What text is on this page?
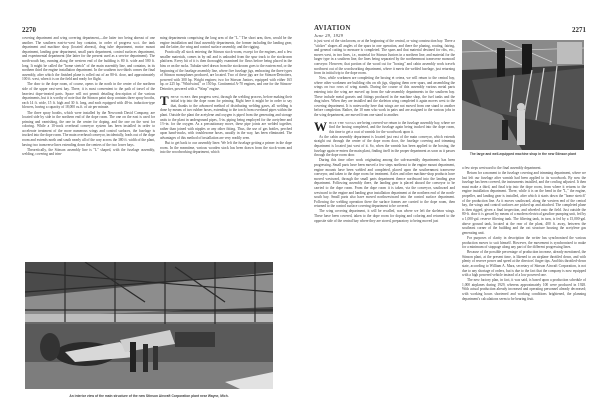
2270

covering department and wing covering department,—the latter two being abreast of one another. The southern east-to-west bay contains, in order of progress w.r.t. the tank department and machine shop (located abreast), drag tube department, motor mount department, landing gear department, small parts department, control surfaces department, and experimental department (the latter for the present used as a service department). The north-south bay, running along the western end of the building is 80 ft. wide and 580 ft. long. It might be called the "home stretch" of the main assembly line, and contains, in its northern third the engine installation department. In the southern two-thirds comes the final assembly, after which the finished plane is rolled out of an 80-ft. door, and approximately 100 ft. west, when it is on the field and ready for flight.

The door to the dope room, of course, opens to the north in the center of the northern side of the upper east-west bay. There, it is most convenient to the path of travel of the heaviest dope-treated parts. Space will not permit detailing description of the various departments, but it is worthy of note that the Stinson paint shop contains three spray booths, each 14 ft. wide, 15 ft. high and 30 ft. long, and each equipped with 48-in. induction-type blowers, having a capacity of 18,000 cu.ft. of air per minute.

The three spray booths, which were installed by the Newcomb David Company, are located side by side in the northern end of the dope room. The one on the east is used for priming and varnishing, the one in the center for doping, and the one on the west for coloring. While a 10-track overhead conveyor system has been installed in order to accelerate treatment of the more numerous wings and control surfaces, the fuselage is trucked into the dope room. The main overhead conveyor, incidentally, leads out of the dope room and extends north and south nearly all of the way across the 380 ft. width of the plant, having two transverse lines extending down the centers of the two lower bays.

Theoretically, the Stinson assembly line is "L" shaped, with the fuselage assembly, welding, covering and trim-

ming departments comprising the long arm of the "L." The short arm, then, would be the engine installation and final assembly departments, the former including the landing gear, and the latter, the wing and control surface assembly, and the rigging.

Practically all stock entering the Stinson stock-room, except for the engines, and a few smaller materials, comes in by rail and is unloaded from the spur track to the stockroom platform. Every bit of it is then thoroughly examined for flaws before being placed in the bins or on the racks. Tubular steel drawn from the stockroom goes to the eastern end, or the beginning of the fuselage assembly line, where five fuselage jigs, embracing the three types of Stinson monoplanes produced, are located. Two of these jigs are for Stinson-Detroiters, powered with 300 hp. Wright engines; two for Stinson Juniors, equipped with either 165 hp. or 225 hp. "Whirlwind," or 150 hp. Continental A-70 engines, and one for the Stinson-Detroiter, powered with a "Wasp" engine.

These tubes then progress west, through the welding process, before making their initial trip into the dope room for priming. Right here it might be in order to say that, thanks to the advanced method of distributing welding gases, all welding is done by means of two rubber hoses, extending to the torch from overhead pipes within the plant. Outside the plant the acetylene and oxygen is piped from the generating and storage units to the plant in underground pipes, 3-in. piping being employed for the acetylene and 1½-in. for the oxygen. As a precautionary move, these pipe joints are welded together, rather than joined with nipples or any other fitting. Thus, the use of gas bottles, perched upon hand-trucks, with troublesome hoses, usually in the way, has been eliminated. The advantages of this method of installation are very readily seen.

But to get back to our assembly lines: We left the fuselage getting a primer in the dope room. In the meantime, various wooden stock has been drawn from the stock-room and into the woodworking department, which

An interior view of the main structure of the new Stinson Aircraft Corporation plant near Wayne, Mich.
AVIATION
June 29, 1929
2271

is just west of the stockroom, or at the beginning of the central, or wing construction bay. There a "sticker" shapes all angles of the spars in one operation, and there the planing, routing, fairing, and general cutting to measure is completed. The spars and that material destined for ribs, etc., moves west, in two lines, i.e., material for Stinson Juniors in a northern line, and material for the larger type in a southern line, the lines being separated by the northernmost transverse monorail conveyor. However, that portion of the wood cut for "boxing" and cabin assembly work travels northwest out of the woodworking department, where it meets the welded fuselage, just returning from its initial trip to the dope room.

Now, while workmen are completing the boxing et cetera, we will return to the central bay, where other workmen are building ribs on rib jigs, slipping them over spars, and assembling the wings on two rows of wing stands. During the course of this assembly various metal parts entering into the wing are moved up from the sub-assembly departments in the southern bay. These include metal gussets and fittings produced in the machine shop, the fuel tanks and the drag tubes. When they are installed and the skeleton wing completed it again moves west to the covering department. It is noteworthy here that wings are not moved from one stand to another before completion. Rather, the 10 men who work in pairs and are assigned to the various jobs in the wing department, are moved from one stand to another.

While the wings are being covered we return to the fuselage assembly bay, where we find the boxing completed, and the fuselage again being trucked into the dope room, this time to get a coat of varnish for the woodwork upon it.

As the cabin assembly department is located just east of the main conveyor, which extends straight out through the center of the dope room door, the fuselage covering and trimming department is located just west of it. So, when the varnish has been applied to the boxing, the fuselage again re-enters the main plant, finding itself in the proper department as soon as it passes through the dope room door.

During this time other work originating among the sub-assembly departments has been progressing. Small parts have been moved a few steps northeast to the engine mount department, engine mounts have been welded and completed, placed upon the southernmost transverse conveyor, and taken to the dope room for treatment. Axles and other machine-shop products have moved westward, through the small parts department thence northward into the landing gear department. Following assembly there, the landing gear is placed aboard the conveyor to be carried to the dope room. From the dope room it is taken, via the conveyor, southward and westward to the engine and landing gear installation department at the northern end of the north-south bay. Small parts also have moved northwestward into the control surface department. Following the welding operation there the surface frames are carried to the dope room, then returned to the control surface covering department to be covered.

The wing covering department, it will be recalled, was where we left the skeleton wings. These have been covered, taken to the dope room for doping and coloring and returned to the opposite side of the central bay where they are stored, preparatory to being moved just

The large and well-equipped machine shop in the new Stinson plant

a few steps westward to the final assembly department.

Return for a moment to the fuselage covering and trimming department, where we last left our fuselage after varnish had been applied to its woodwork. By now the fuselage has been covered, the instruments installed, and the cowling adjusted. It then must make a third, and final trip into the dope room, from where it returns to the engine installation department. There, while it is on the bend in the "L," the engine, propeller, and landing gear is installed, after which it starts down the "home stretch" of the production line. As it moves southward, along the western end of the central bay, the wings and control surfaces are picked up and attached. The completed plane is then rigged, given a final inspection, and wheeled onto the field. Just outside the 80-ft. door it is gassed by means of a modern electrical gasoline pumping unit, fed by a 1,000-gal. reserve filtering tank. The filtering tank, in turn, is fed by a 15,000-gal. above ground tank, located at the rear of the plant, 400 ft. away, between the southeast corner of the building and the oxt structure housing the acetylene gas generating unit.

For purposes of clarity in description the writer has synchronized the various production moves to suit himself. However, the movement is synchronized to make for a minimum of stoppage along any part of the different progressing lines.

Because of the possible percentage of production increase, already mentioned, the Stinson plant, at the present time, is likened to an airplane throttled down, and with plenty of reserve power and speed at the directors' finger tips. And this throttled-down state, according to William A. Mara, secretary of Stinson Aircraft Corporation, is not due to any shortage of orders, but is due to the fact that the company is now equipped with a high powered vehicle instead of a low powered one.

The new factory plan, in fact, it was said, is based upon a production schedule of 1,000 airplanes during 1929, whereas approximately 100 were produced in 1928. With actual production already increased and operating personnel already decreased; with working hours shortened and working conditions brightened, the planning department's calculations seem to be bearing fruit.
